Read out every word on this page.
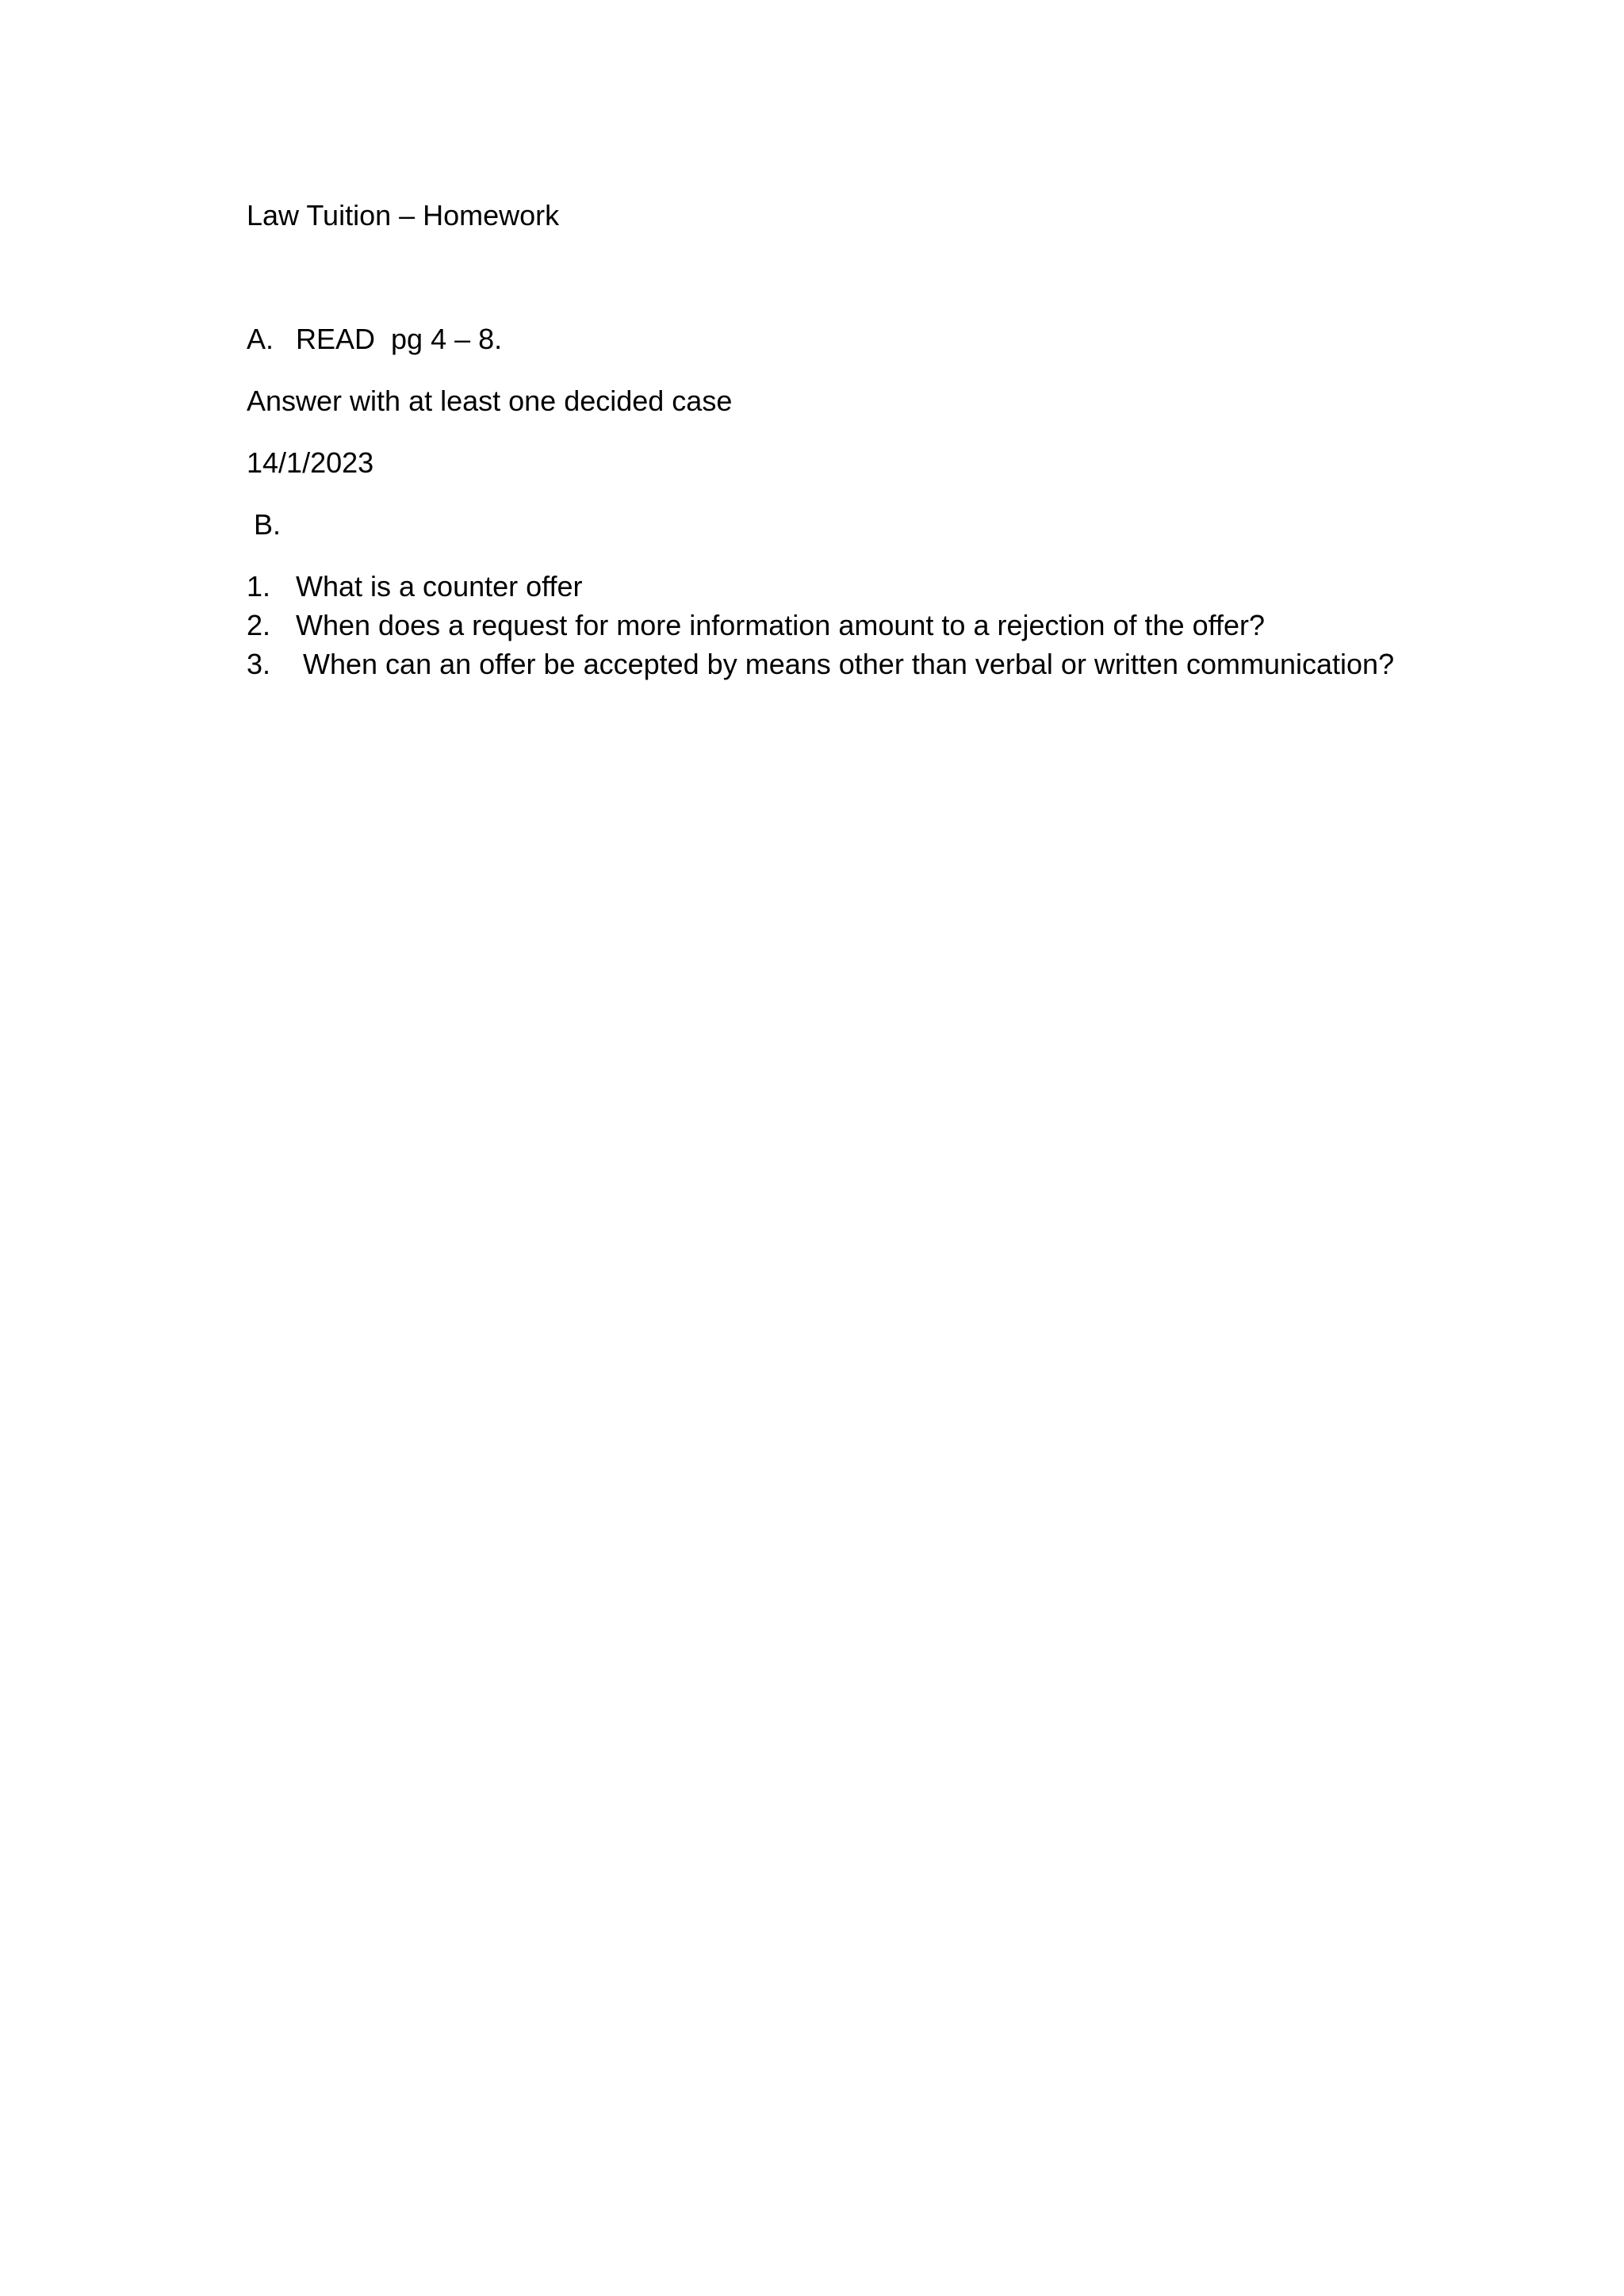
Law Tuition – Homework
A. READ  pg 4 – 8.
Answer with at least one decided case
14/1/2023
B.
1. What is a counter offer
2. When does a request for more information amount to a rejection of the offer?
3. When can an offer be accepted by means other than verbal or written communication?
